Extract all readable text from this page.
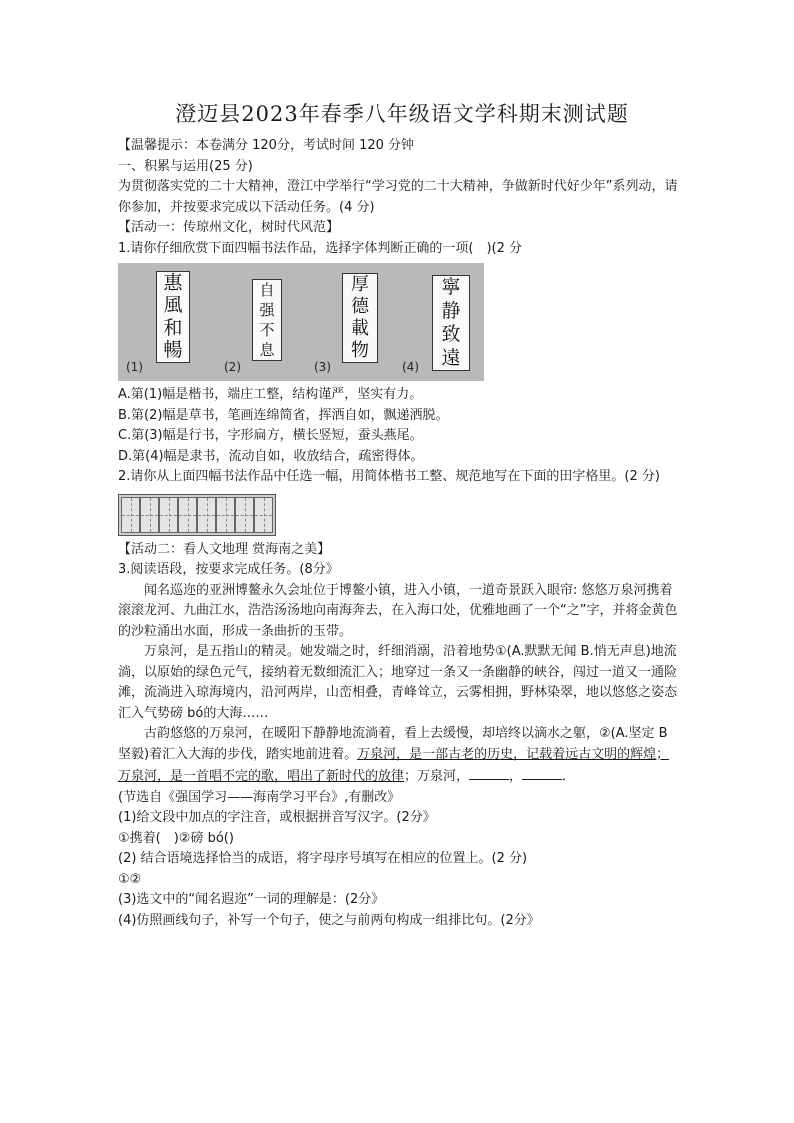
澄迈县2023年春季八年级语文学科期末测试题

【温馨提示：本卷满分 120分，考试时间 120 分钟

一、积累与运用(25 分)

为贯彻落实党的二十大精神，澄江中学举行“学习党的二十大精神，争做新时代好少年”系列动，请你参加，并按要求完成以下活动任务。(4 分)

【活动一：传琼州文化，树时代风范】

1.请你仔细欣赏下面四幅书法作品，选择字体判断正确的一项(　)(2 分

惠
風
和
暢
(1)
自
强
不
息
(2)
厚
德
載
物
(3)
寧
静
致
遠
(4)

A.第(1)幅是楷书，端庄工整，结构谨严，坚实有力。

B.第(2)幅是草书，笔画连绵简省，挥洒自如，飘递洒脱。

C.第(3)幅是行书，字形扁方，横长竖短，蚕头燕尾。

D.第(4)幅是隶书，流动自如，收放结合，疏密得体。

2.请你从上面四幅书法作品中任选一幅，用简体楷书工整、规范地写在下面的田字格里。(2 分)

【活动二：看人文地理 赏海南之美】

3.阅读语段，按要求完成任务。(8分》

闻名巡迩的亚洲博鳌永久会址位于博鳌小镇，进入小镇，一道奇景跃入眼帘: 悠悠万泉河携着滚滚龙河、九曲江水，浩浩汤汤地向南海奔去，在入海口处，优雅地画了一个“之”字，并将金黄色的沙粒涌出水面，形成一条曲折的玉带。

万泉河，是五指山的精灵。她发端之时，纤细消溺，沿着地势①(A.默默无闻 B.悄无声息)地流淌，以原始的绿色元气，接纳着无数细流汇入；地穿过一条又一条幽静的峡谷，闯过一道又一通险滩，流淌进入琼海境内，沿河两岸，山峦相叠，青峰耸立，云雾相拥，野林染翠，地以悠悠之姿态汇入气势磅 bó的大海……

古韵悠悠的万泉河，在暖阳下静静地流淌着，看上去缓慢，却培终以滴水之躯，②(A.坚定 B坚毅)着汇入大海的步伐，踏实地前进着。万泉河，是一部古老的历史，记载着远古文明的辉煌；万泉河，是一首唱不完的歌，唱出了新时代的放律；万泉河，	，	．

(节选自《强国学习——海南学习平台》,有删改》

(1)给文段中加点的字注音，或根据拼音写汉字。(2分》

①携着(　)②磅 bó()

(2) 结合语境选择恰当的成语，将字母序号填写在相应的位置上。(2 分)

①②

(3)选文中的“闻名遐迩”一词的理解是：(2分》

(4)仿照画线句子，补写一个句子，使之与前两句构成一组排比句。(2分》
